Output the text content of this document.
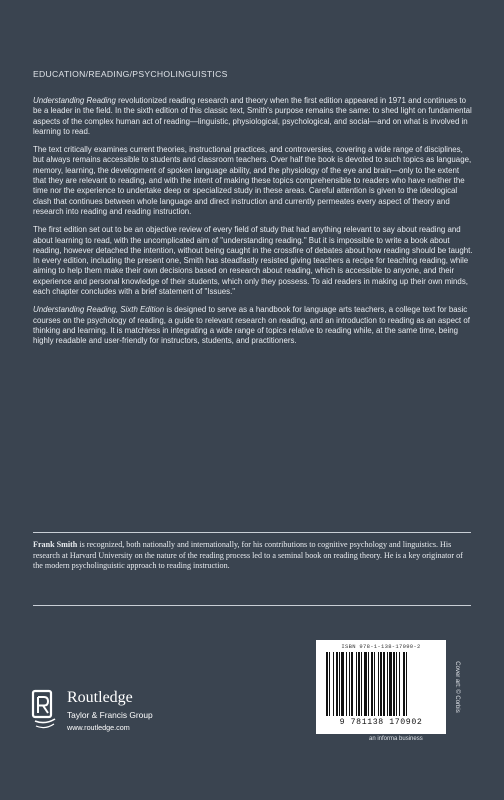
EDUCATION/READING/PSYCHOLINGUISTICS

Understanding Reading revolutionized reading research and theory when the first edition appeared in 1971 and continues to be a leader in the field. In the sixth edition of this classic text, Smith's purpose remains the same: to shed light on fundamental aspects of the complex human act of reading—linguistic, physiological, psychological, and social—and on what is involved in learning to read.

The text critically examines current theories, instructional practices, and controversies, covering a wide range of disciplines, but always remains accessible to students and classroom teachers. Over half the book is devoted to such topics as language, memory, learning, the development of spoken language ability, and the physiology of the eye and brain—only to the extent that they are relevant to reading, and with the intent of making these topics comprehensible to readers who have neither the time nor the experience to undertake deep or specialized study in these areas. Careful attention is given to the ideological clash that continues between whole language and direct instruction and currently permeates every aspect of theory and research into reading and reading instruction.

The first edition set out to be an objective review of every field of study that had anything relevant to say about reading and about learning to read, with the uncomplicated aim of "understanding reading." But it is impossible to write a book about reading, however detached the intention, without being caught in the crossfire of debates about how reading should be taught. In every edition, including the present one, Smith has steadfastly resisted giving teachers a recipe for teaching reading, while aiming to help them make their own decisions based on research about reading, which is accessible to anyone, and their experience and personal knowledge of their students, which only they possess. To aid readers in making up their own minds, each chapter concludes with a brief statement of "Issues."

Understanding Reading, Sixth Edition is designed to serve as a handbook for language arts teachers, a college text for basic courses on the psychology of reading, a guide to relevant research on reading, and an introduction to reading as an aspect of thinking and learning. It is matchless in integrating a wide range of topics relative to reading while, at the same time, being highly readable and user-friendly for instructors, students, and practitioners.

Frank Smith is recognized, both nationally and internationally, for his contributions to cognitive psychology and linguistics. His research at Harvard University on the nature of the reading process led to a seminal book on reading theory. He is a key originator of the modern psycholinguistic approach to reading instruction.
Routledge
Taylor & Francis Group
www.routledge.com
ISBN 978-1-138-17090-2
9 781138 170902
Cover art: © Corbis
an informa business
